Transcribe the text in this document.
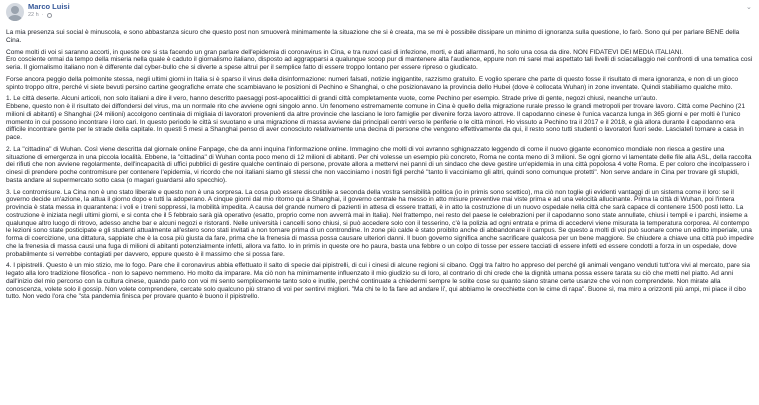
Marco Luisi
22 h ·
⌄

La mia presenza sui social è minuscola, e sono abbastanza sicuro che questo post non smuoverà minimamente la situazione che si è creata, ma se mi è possibile dissipare un minimo di ignoranza sulla questione, lo farò. Sono qui per parlare BENE della Cina.

Come molti di voi si saranno accorti, in queste ore si sta facendo un gran parlare dell'epidemia di coronavirus in Cina, e tra nuovi casi di infezione, morti, e dati allarmanti, ho solo una cosa da dire. NON FIDATEVI DEI MEDIA ITALIANI.
Ero cosciente ormai da tempo della miseria nella quale è caduto il giornalismo italiano, disposto ad aggrapparsi a qualunque scoop pur di mantenere alta l'audience, eppure non mi sarei mai aspettato tali livelli di sciacallaggio nei confronti di una tematica così seria. Il giornalismo italiano non è differente dal cyber-bullo che si diverte a spese altrui per il semplice fatto di essere troppo lontano per essere ripreso o giudicato.

Forse ancora peggio della polmonite stessa, negli ultimi giorni in Italia si è sparso il virus della disinformazione: numeri falsati, notizie ingigantite, razzismo gratuito. E voglio sperare che parte di questo fosse il risultato di mera ignoranza, e non di un gioco spinto troppo oltre, perché vi siete bevuti persino cartine geografiche errate che scambiavano le posizioni di Pechino e Shanghai, o che posizionavano la provincia dello Hubei (dove è collocata Wuhan) in zone inventate. Quindi stabiliamo qualche mito.

1. Le città deserte. Alcuni articoli, non solo italiani a dire il vero, hanno descritto paesaggi post-apocalittici di grandi città completamente vuote, come Pechino per esempio. Strade prive di gente, negozi chiusi, neanche un'auto.
Ebbene, questo non è il risultato dei diffondersi del virus, ma un normale rito che avviene ogni singolo anno. Un fenomeno estremamente comune in Cina è quello della migrazione rurale presso le grandi metropoli per trovare lavoro. Città come Pechino (21 milioni di abitanti) e Shanghai (24 milioni) accolgono centinaia di migliaia di lavoratori provenienti da altre provincie che lasciano le loro famiglie per divenire forza lavoro attrove. Il capodanno cinese è l'unica vacanza lunga in 365 giorni e per molti è l'unico momento in cui possono incontrare i loro cari. In questo periodo le città si svuotano e una migrazione di massa avviene dai principali centri verso le periferie o le città minori. Ho vissuto a Pechino tra il 2017 e il 2018, e già allora durante il capodanno era difficile incontrare gente per le strade della capitale. In questi 5 mesi a Shanghai penso di aver conosciuto relativamente una decina di persone che vengono effettivamente da qui, il resto sono tutti studenti o lavoratori fuori sede. Lasciatelì tornare a casa in pace.

2. La "cittadina" di Wuhan. Così viene descritta dal giornale online Fanpage, che da anni inquina l'informazione online. Immagino che molti di voi avranno sghignazzato leggendo di come il nuovo gigante economico mondiale non riesca a gestire una situazione di emergenza in una piccola località. Ebbene, la "cittadina" di Wuhan conta poco meno di 12 milioni di abitanti. Per chi volesse un esempio più concreto, Roma ne conta meno di 3 milioni. Se ogni giorno vi lamentate delle file alla ASL, della raccolta dei rifiuti che non avviene regolarmente, dell'incapacità di uffici pubblici di gestire qualche centinaio di persone, provate allora a mettervi nei panni di un sindaco che deve gestire un'epidemia in una città popolosa 4 volte Roma. E per coloro che incolpassero i cinesi di prendere poche contromisure per contenere l'epidemia, vi ricordo che noi italiani siamo gli stessi che non vacciniamo i nostri figli perché "tanto li vacciniamo gli altri, quindi sono comunque protetti". Non serve andare in Cina per trovare gli stupidi, basta andare al supermercato sotto casa (o magari guardarsi allo specchio).

3. Le contromisure. La Cina non è uno stato liberale e questo non è una sorpresa. La cosa può essere discutibile a seconda della vostra sensibilità politica (io in primis sono scettico), ma ciò non toglie gli evidenti vantaggi di un sistema come il loro: se il governo decide un'azione, la attua il giorno dopo e tutti la adoperano. A cinque giorni dal mio ritorno qui a Shanghai, il governo centrale ha messo in atto misure preventive mai viste prima e ad una velocità allucinante. Prima la città di Wuhan, poi l'intera provincia è stata messa in quarantena: i voli e i treni soppressi, la mobilità impedita. A causa del grande numero di pazienti in attesa di essere trattati, è in atto la costruzione di un nuovo ospedale nella città che sarà capace di contenere 1500 posti letto. La costruzione è iniziata negli ultimi giorni, e si conta che il 5 febbraio sarà già operativo (esatto, proprio come non avverrà mai in Italia). Nel frattempo, nei resto del paese le celebrazioni per il capodanno sono state annullate, chiusi i templi e i parchi, insieme a qualunque altro luogo di ritrovo, adesso anche bar e alcuni negozi e ristoranti. Nelle università i cancelli sono chiusi, si può accedere solo con il tesserino, c'è la polizia ad ogni entrata e prima di accedervi viene misurata la temperatura corporea. Al contempo le lezioni sono state posticipate e gli studenti attualmente all'estero sono stati invitati a non tornare prima di un controndine. In zone più calde è stato proibito anche di abbandonare il campus. Se questo a molti di voi può suonare come un editto imperiale, una forma di coercizione, una dittatura, sappiate che è la cosa più giusta da fare, prima che la frenesia di massa possa causare ulteriori danni. Il buon governo significa anche sacrificare qualcosa per un bene maggiore. Se chiudere a chiave una città può impedire che la frenesia di massa causi una fuga di milioni di abitanti potenzialmente infetti, allora va fatto. Io in primis in queste ore ho paura, basta una febbre o un colpo di tosse per essere tacciati di essere infetti ed essere condotti a forza in un ospedale, dove probabilmente si verrebbe contagiati per davvero, eppure questo è il massimo che si possa fare.

4. I pipistrelli. Questo è un mio stizio, me lo fogo. Pare che il coronavirus abbia effettuato il salto di specie dai pipistrelli, di cui i cinesi di alcune regioni si cibano. Oggi tra l'altro ho appreso del perché gli animali vengano venduti tutt'ora vivi al mercato, pare sia legato alla loro tradizione filosofica - non lo sapevo nemmeno. Ho molto da imparare. Ma ciò non ha minimamente influenzato il mio giudizio su di loro, al contrario di chi crede che la dignità umana possa essere tarata su ciò che metti nel piatto. Ad anni dall'inizio del mio percorso con la cultura cinese, quando parlo con voi mi sento semplicemente tanto solo e inutile, perché continuate a chiedermi sempre le solite cose su quanto siano strane certe usanze che voi non comprendete. Non mirate alla conoscenza, volete solo il gossip. Non volete comprendere, cercate solo qualcuno più strano di voi per sentirvi migliori. "Ma chi te lo fa fare ad andare li', qui abbiamo le orecchiette con le cime di rapa". Buone sì, ma miro a orizzonti più ampi, mi piace il cibo tutto. Non vedo l'ora che "sta pandemia finisca per provare quanto è buono il pipistrello.
